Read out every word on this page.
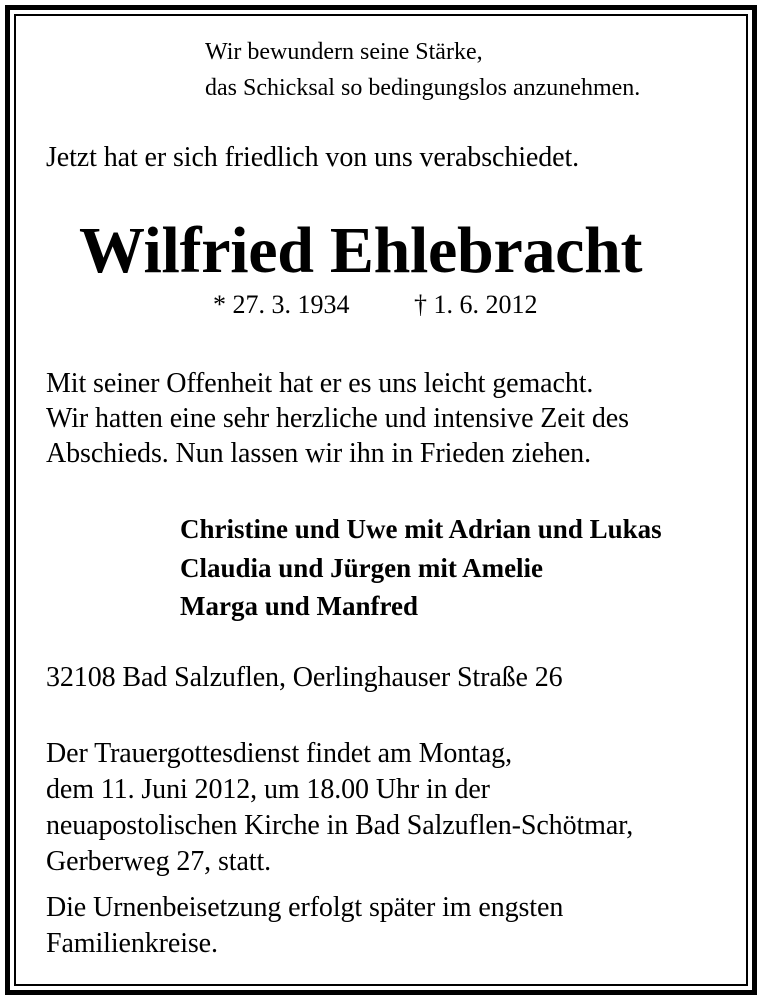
Wir bewundern seine Stärke,
das Schicksal so bedingungslos anzunehmen.
Jetzt hat er sich friedlich von uns verabschiedet.
Wilfried Ehlebracht
* 27. 3. 1934 † 1. 6. 2012
Mit seiner Offenheit hat er es uns leicht gemacht.
Wir hatten eine sehr herzliche und intensive Zeit des
Abschieds. Nun lassen wir ihn in Frieden ziehen.
Christine und Uwe mit Adrian und Lukas
Claudia und Jürgen mit Amelie
Marga und Manfred
32108 Bad Salzuflen, Oerlinghauser Straße 26
Der Trauergottesdienst findet am Montag,
dem 11. Juni 2012, um 18.00 Uhr in der
neuapostolischen Kirche in Bad Salzuflen-Schötmar,
Gerberweg 27, statt.
Die Urnenbeisetzung erfolgt später im engsten
Familienkreise.
